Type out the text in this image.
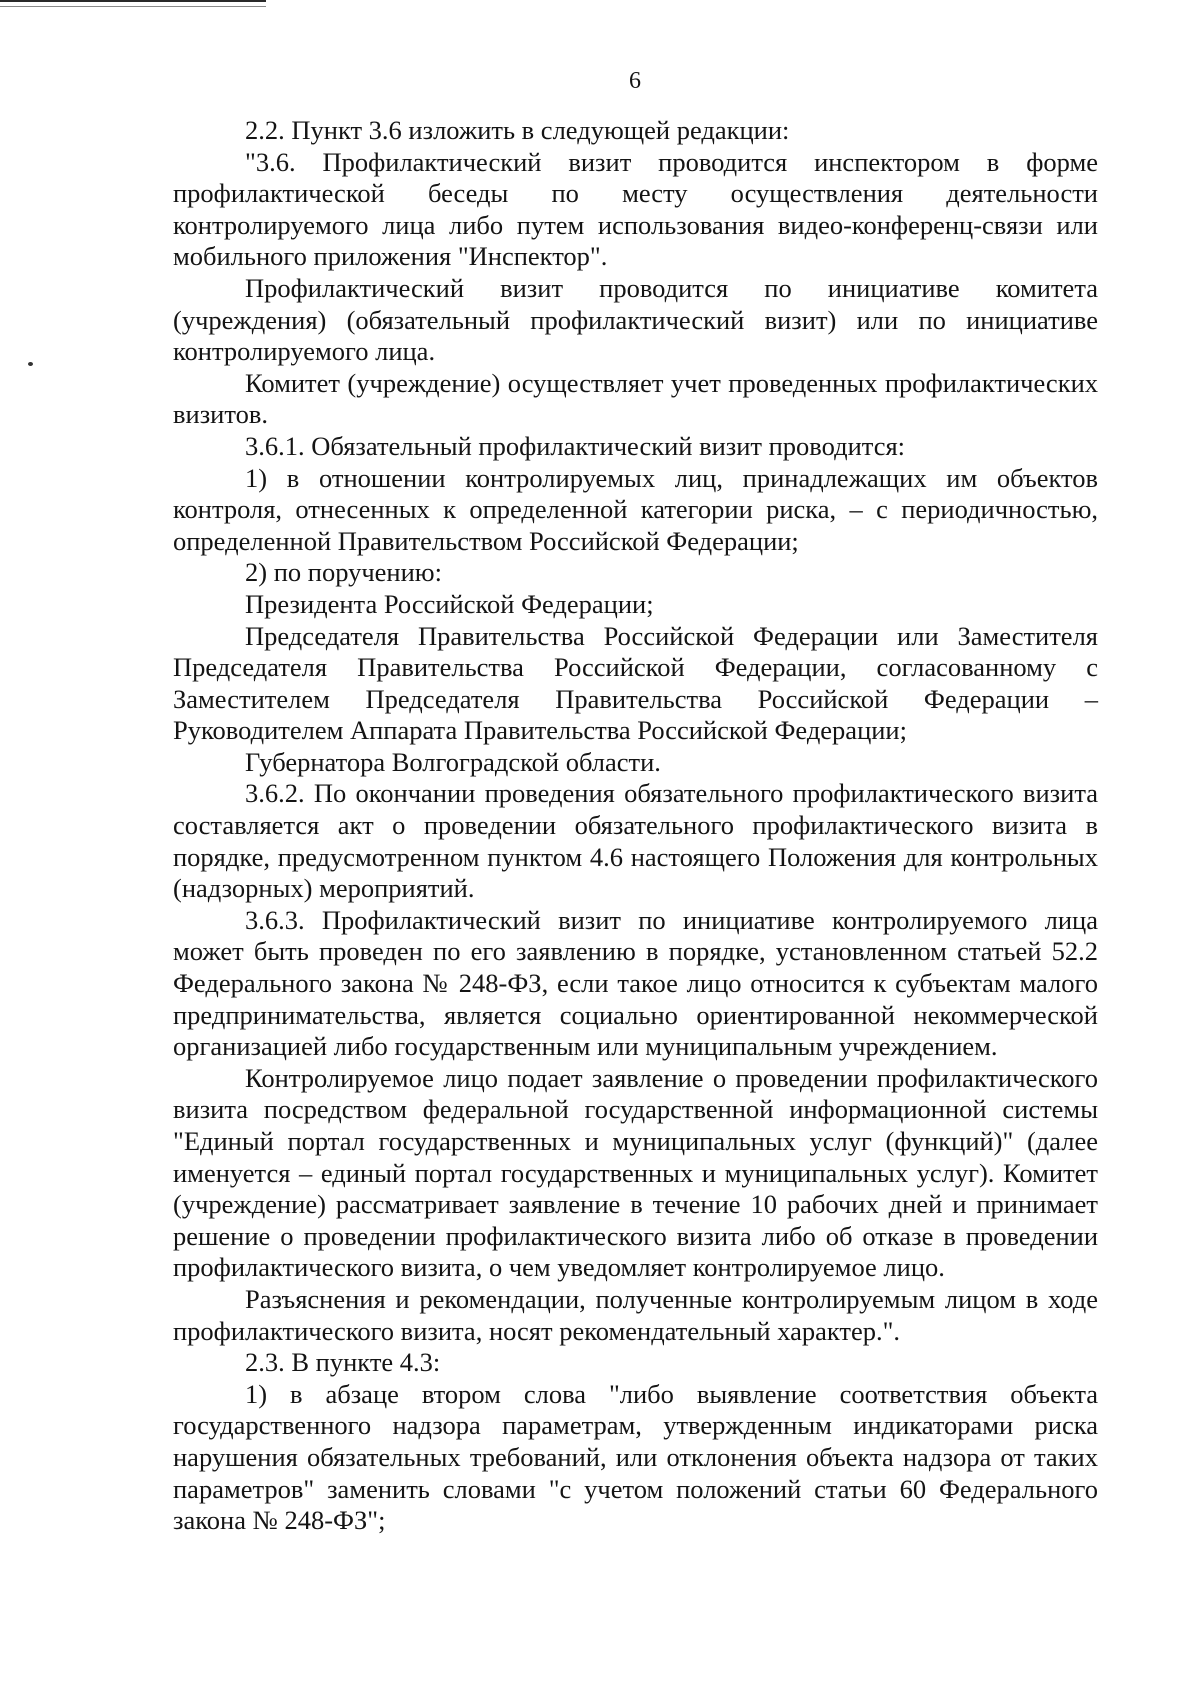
6

2.2. Пункт 3.6 изложить в следующей редакции:

"3.6. Профилактический визит проводится инспектором в форме профилактической беседы по месту осуществления деятельности контролируемого лица либо путем использования видео-конференц-связи или мобильного приложения "Инспектор".

Профилактический визит проводится по инициативе комитета (учреждения) (обязательный профилактический визит) или по инициативе контролируемого лица.

Комитет (учреждение) осуществляет учет проведенных профилактических визитов.

3.6.1. Обязательный профилактический визит проводится:

1) в отношении контролируемых лиц, принадлежащих им объектов контроля, отнесенных к определенной категории риска, – с периодичностью, определенной Правительством Российской Федерации;

2) по поручению:

Президента Российской Федерации;

Председателя Правительства Российской Федерации или Заместителя Председателя Правительства Российской Федерации, согласованному с Заместителем Председателя Правительства Российской Федерации – Руководителем Аппарата Правительства Российской Федерации;

Губернатора Волгоградской области.

3.6.2. По окончании проведения обязательного профилактического визита составляется акт о проведении обязательного профилактического визита в порядке, предусмотренном пунктом 4.6 настоящего Положения для контрольных (надзорных) мероприятий.

3.6.3. Профилактический визит по инициативе контролируемого лица может быть проведен по его заявлению в порядке, установленном статьей 52.2 Федерального закона № 248-ФЗ, если такое лицо относится к субъектам малого предпринимательства, является социально ориентированной некоммерческой организацией либо государственным или муниципальным учреждением.

Контролируемое лицо подает заявление о проведении профилактического визита посредством федеральной государственной информационной системы "Единый портал государственных и муниципальных услуг (функций)" (далее именуется – единый портал государственных и муниципальных услуг). Комитет (учреждение) рассматривает заявление в течение 10 рабочих дней и принимает решение о проведении профилактического визита либо об отказе в проведении профилактического визита, о чем уведомляет контролируемое лицо.

Разъяснения и рекомендации, полученные контролируемым лицом в ходе профилактического визита, носят рекомендательный характер.".

2.3. В пункте 4.3:

1) в абзаце втором слова "либо выявление соответствия объекта государственного надзора параметрам, утвержденным индикаторами риска нарушения обязательных требований, или отклонения объекта надзора от таких параметров" заменить словами "с учетом положений статьи 60 Федерального закона № 248-ФЗ";
